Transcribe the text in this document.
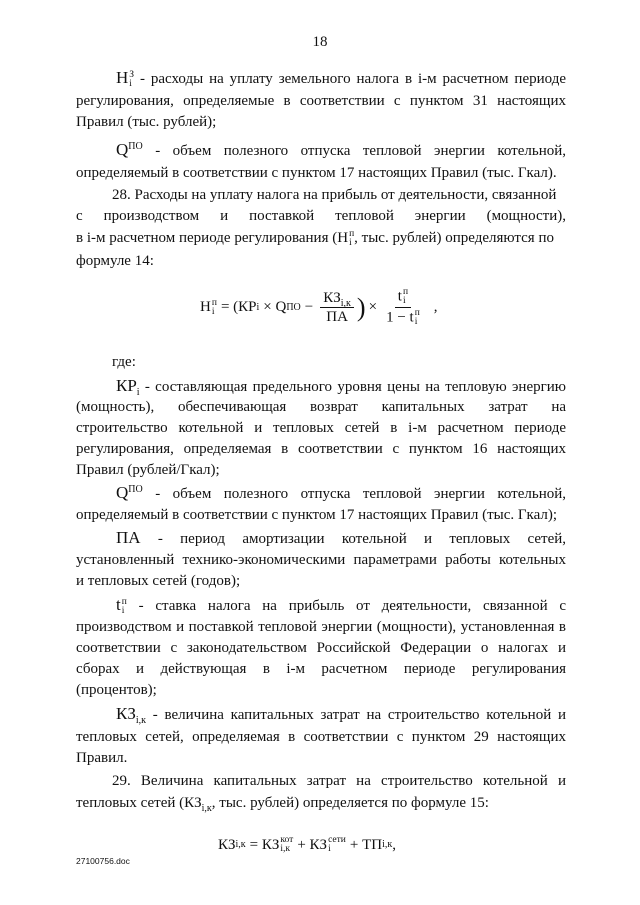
18
Н З
i - расходы на уплату земельного налога в i-м расчетном периоде
регулирования, определяемые в соответствии с пунктом 31 настоящих
Правил (тыс. рублей);
$Q^{ПО}$ - объем полезного отпуска тепловой энергии котельной,
определяемый в соответствии с пунктом 17 настоящих Правил (тыс. Гкал).
28. Расходы на уплату налога на прибыль от деятельности, связанной
с производством и поставкой тепловой энергии (мощности),
в i-м расчетном периоде регулирования (Н п
i , тыс. рублей) определяются по
формуле 14:
Н п
i = (КР i × Q ПО − $\frac{КЗ_{i,к}}{ПА}$ ) × t п
i
1 − t п
i ,
где:
$КР_i$ - составляющая предельного уровня цены на тепловую энергию
(мощность), обеспечивающая возврат капитальных затрат на
строительство котельной и тепловых сетей в i-м расчетном периоде
регулирования, определяемая в соответствии с пунктом 16 настоящих
Правил (рублей/Гкал);
$Q^{ПО}$ - объем полезного отпуска тепловой энергии котельной,
определяемый в соответствии с пунктом 17 настоящих Правил (тыс. Гкал);
ПА - период амортизации котельной и тепловых сетей,
установленный технико-экономическими параметрами работы котельных
и тепловых сетей (годов);
t п
i - ставка налога на прибыль от деятельности, связанной с
производством и поставкой тепловой энергии (мощности), установленная в
соответствии с законодательством Российской Федерации о налогах и
сборах и действующая в i-м расчетном периоде регулирования
(процентов);
$КЗ_{i,к}$ - величина капитальных затрат на строительство котельной и
тепловых сетей, определяемая в соответствии с пунктом 29 настоящих
Правил.
29. Величина капитальных затрат на строительство котельной и
тепловых сетей ($КЗ_{i,к}$, тыс. рублей) определяется по формуле 15:
КЗ i,к = КЗ кот
i,к + КЗ сети
i	+ ТП i,к ,
27100756.doc
